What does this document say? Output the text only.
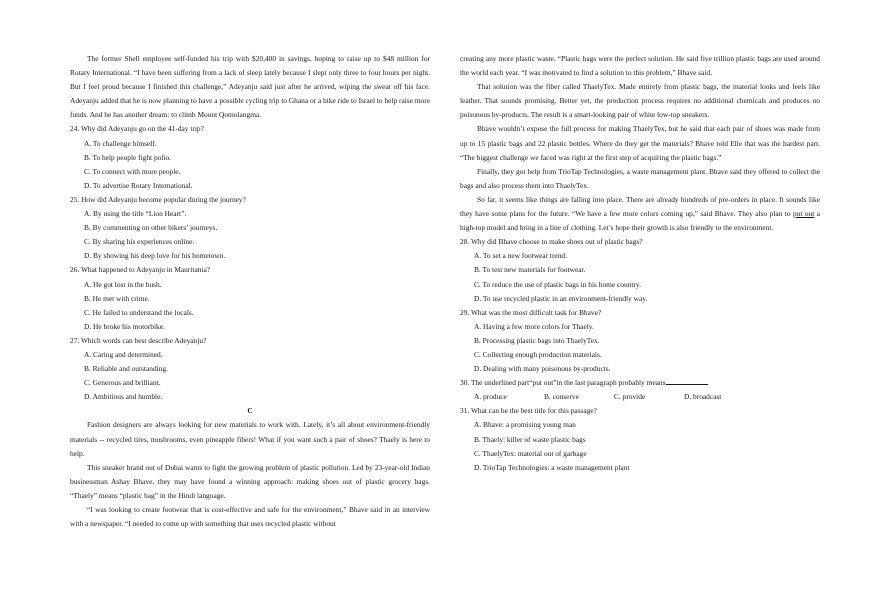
The former Shell employee self-funded his trip with $20,400 in savings, hoping to raise up to $48 million for Rotary International. “I have been suffering from a lack of sleep lately because I slept only three to four hours per night. But I feel proud because I finished this challenge,” Adeyanju said just after he arrived, wiping the sweat off his face. Adeyanju added that he is now planning to have a possible cycling trip to Ghana or a bike ride to Israel to help raise more funds. And he has another dream: to climb Mount Qomolangma.

24. Why did Adeyanju go on the 41-day trip?

A. To challenge himself.

B. To help people fight polio.

C. To connect with more people.

D. To advertise Rotary International.

25. How did Adeyanju become popular during the journey?

A. By using the title “Lion Heart”.

B. By commenting on other bikers’ journeys.

C. By sharing his experiences online.

D. By showing his deep love for his hometown.

26. What happened to Adeyanju in Mauritania?

A. He got lost in the bush.

B. He met with crime.

C. He failed to understand the locals.

D. He broke his motorbike.

27. Which words can best describe Adeyanju?

A. Caring and determined.

B. Reliable and outstanding.

C. Generous and brilliant.

D. Ambitious and humble.

C

Fashion designers are always looking for new materials to work with. Lately, it’s all about environment-friendly materials -- recycled tires, mushrooms, even pineapple fibers! What if you want such a pair of shoes? Thaely is here to help.

This sneaker brand out of Dubai wants to fight the growing problem of plastic pollution. Led by 23-year-old Indian businessman Ashay Bhave, they may have found a winning approach: making shoes out of plastic grocery bags. “Thaely” means “plastic bag” in the Hindi language.

“I was looking to create footwear that is cost-effective and safe for the environment,” Bhave said in an interview with a newspaper. “I needed to come up with something that uses recycled plastic without

creating any more plastic waste. “Plastic bags were the perfect solution. He said five trillion plastic bags are used around the world each year. “I was motivated to find a solution to this problem,” Bhave said.

That solution was the fiber called ThaelyTex. Made entirely from plastic bags, the material looks and feels like leather. That sounds promising. Better yet, the production process requires no additional chemicals and produces no poisonous by-products. The result is a smart-looking pair of white low-top sneakers.

Bhave wouldn’t expose the full process for making ThaelyTex, but he said that each pair of shoes was made from up to 15 plastic bags and 22 plastic bottles. Where do they get the materials? Bhave told Elle that was the hardest part. “The biggest challenge we faced was right at the first step of acquiring the plastic bags.”

Finally, they got help from TrioTap Technologies, a waste management plant. Bhave said they offered to collect the bags and also process them into ThaelyTex.

So far, it seems like things are falling into place. There are already hundreds of pre-orders in place. It sounds like they have some plans for the future. “We have a few more colors coming up,” said Bhave. They also plan to put out a high-top model and bring in a line of clothing. Let’s hope their growth is also friendly to the environment.

28. Why did Bhave choose to make shoes out of plastic bags?

A. To set a new footwear trend.

B. To test new materials for footwear.

C. To reduce the use of plastic bags in his home country.

D. To use recycled plastic in an environment-friendly way.

29. What was the most difficult task for Bhave?

A. Having a few more colors for Thaely.

B. Processing plastic bags into ThaelyTex.

C. Collecting enough production materials.

D. Dealing with many poisonous by-products.

30. The underlined part“put out”in the last paragraph probably means

A. produce	B. conserve	C. provide	D. broadcast

31. What can be the best title for this passage?

A. Bhave: a promising young man

B. Thaely: killer of waste plastic bags

C. ThaelyTex: material out of garbage

D. TrioTap Technologies: a waste management plant
